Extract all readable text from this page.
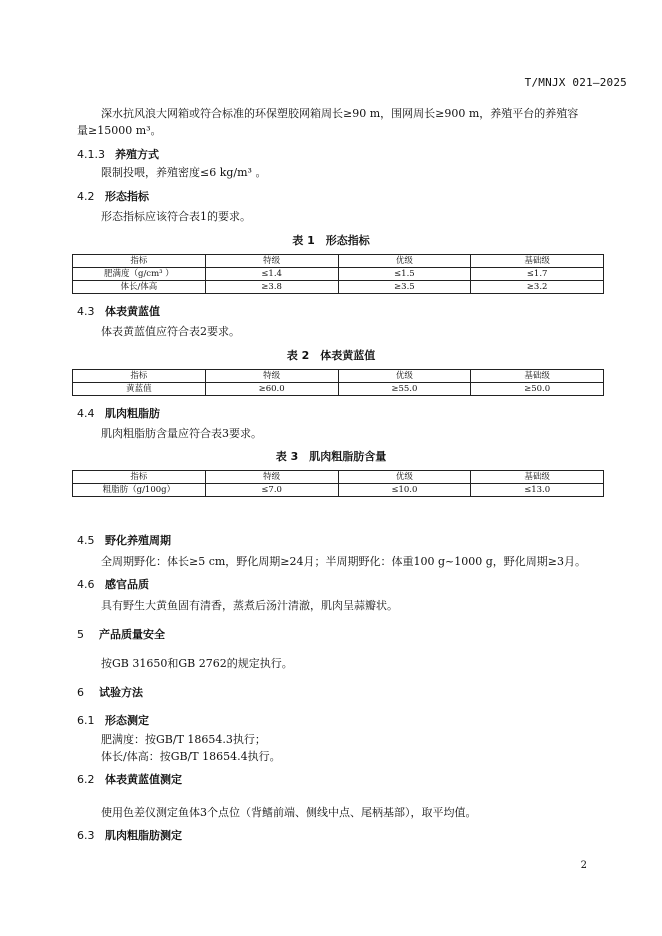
T/MNJX 021—2025
深水抗风浪大网箱或符合标准的环保塑胶网箱周长≥90 m，围网周长≥900 m，养殖平台的养殖容
量≥15000 m³。
4.1.3 养殖方式
限制投喂，养殖密度≤6 kg/m³ 。
4.2 形态指标
形态指标应该符合表1的要求。
表 1　形态指标
指标	特级	优级	基础级
肥满度（g/cm³ ）	≤1.4	≤1.5	≤1.7
体长/体高	≥3.8	≥3.5	≥3.2
4.3 体表黄蓝值
体表黄蓝值应符合表2要求。
表 2　体表黄蓝值
指标	特级	优级	基础级
黄蓝值	≥60.0	≥55.0	≥50.0
4.4 肌肉粗脂肪
肌肉粗脂肪含量应符合表3要求。
表 3　肌肉粗脂肪含量
指标	特级	优级	基础级
粗脂肪（g/100g）	≤7.0	≤10.0	≤13.0
4.5 野化养殖周期
全周期野化：体长≥5 cm，野化周期≥24月；半周期野化：体重100 g~1000 g，野化周期≥3月。
4.6 感官品质
具有野生大黄鱼固有清香，蒸煮后汤汁清澈，肌肉呈蒜瓣状。
5 产品质量安全
按GB 31650和GB 2762的规定执行。
6 试验方法
6.1 形态测定
肥满度：按GB/T 18654.3执行；
体长/体高：按GB/T 18654.4执行。
6.2 体表黄蓝值测定
使用色差仪测定鱼体3个点位（背鳍前端、侧线中点、尾柄基部），取平均值。
6.3 肌肉粗脂肪测定
2
